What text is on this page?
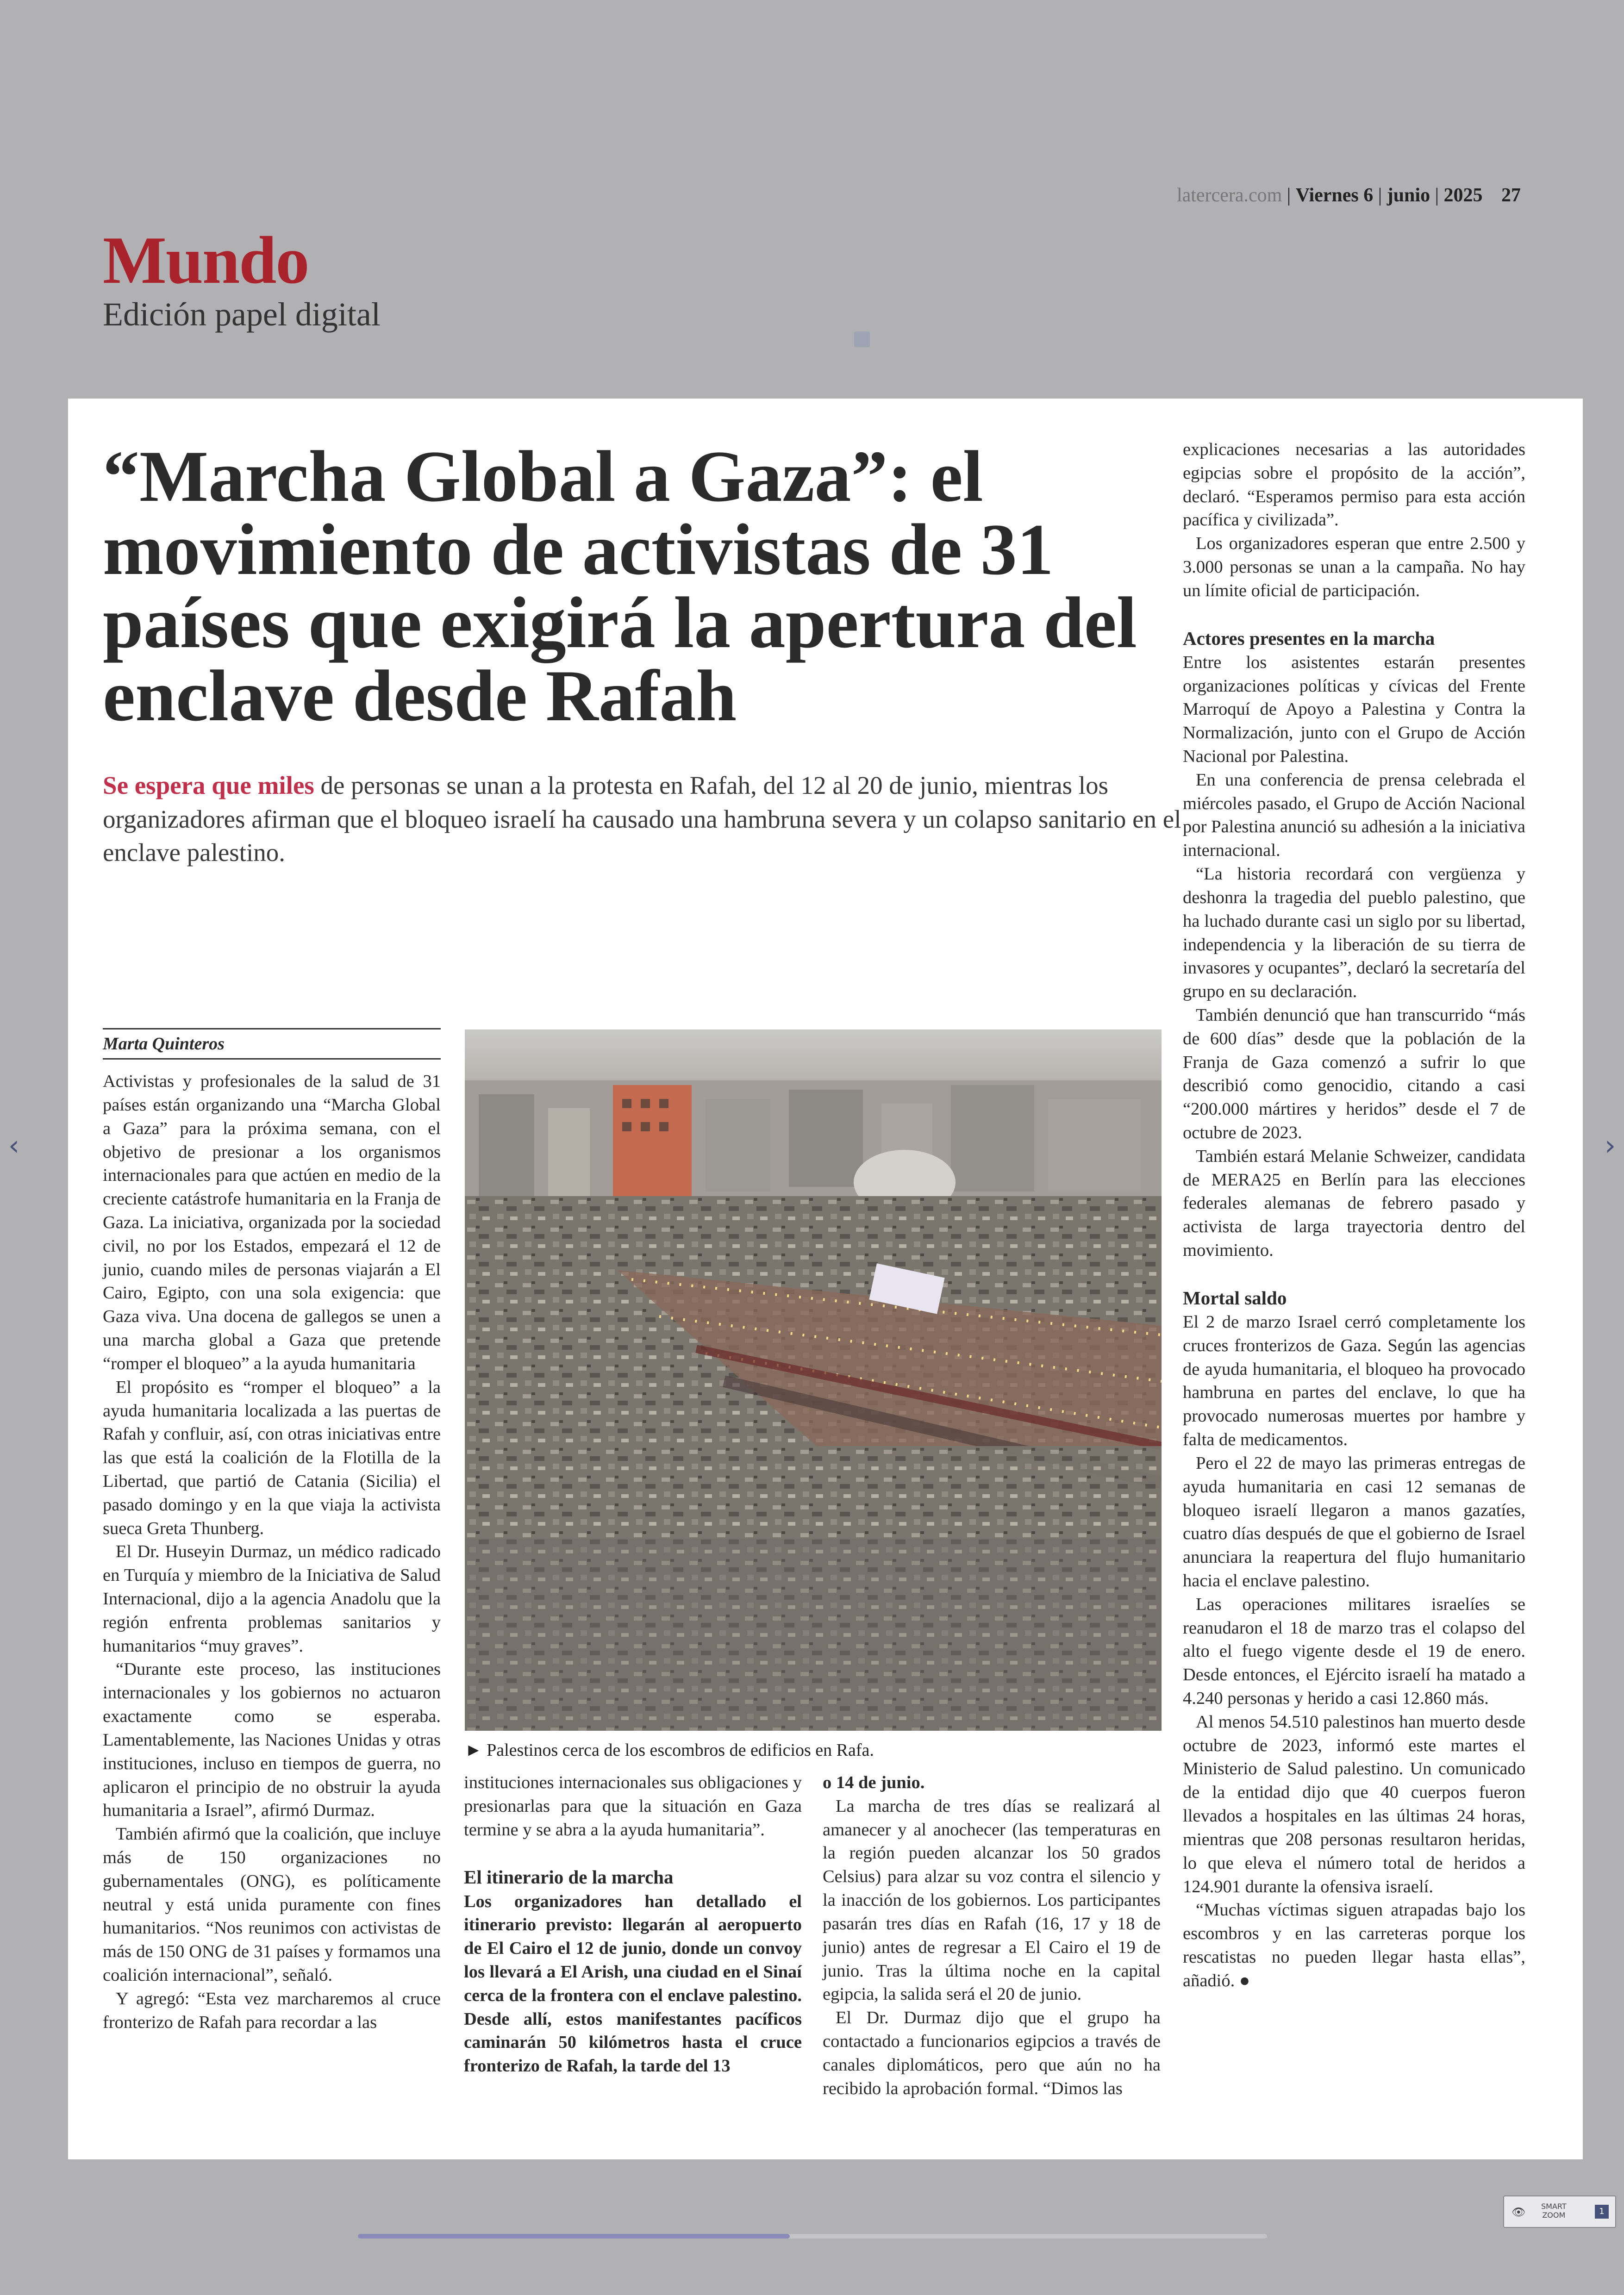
latercera.com | Viernes 6 | junio | 2025 27
Mundo
Edición papel digital
‹	›
“Marcha Global a Gaza”: el movimiento de activistas de 31 países que exigirá la apertura del enclave desde Rafah

Se espera que miles de personas se unan a la protesta en Rafah, del 12 al 20 de junio, mientras los organizadores afirman que el bloqueo israelí ha causado una hambruna severa y un colapso sanitario en el enclave palestino.

Marta Quinteros

Activistas y profesionales de la salud de 31 países están organizando una “Marcha Global a Gaza” para la próxima semana, con el objetivo de presionar a los organismos internacionales para que actúen en medio de la creciente catástrofe humanitaria en la Franja de Gaza. La iniciativa, organizada por la sociedad civil, no por los Estados, empezará el 12 de junio, cuando miles de personas viajarán a El Cairo, Egipto, con una sola exigencia: que Gaza viva. Una docena de gallegos se unen a una marcha global a Gaza que pretende “romper el bloqueo” a la ayuda humanitaria

El propósito es “romper el bloqueo” a la ayuda humanitaria localizada a las puertas de Rafah y confluir, así, con otras iniciativas entre las que está la coalición de la Flotilla de la Libertad, que partió de Catania (Sicilia) el pasado domingo y en la que viaja la activista sueca Greta Thunberg.

El Dr. Huseyin Durmaz, un médico radicado en Turquía y miembro de la Iniciativa de Salud Internacional, dijo a la agencia Anadolu que la región enfrenta problemas sanitarios y humanitarios “muy graves”.

“Durante este proceso, las instituciones internacionales y los gobiernos no actuaron exactamente como se esperaba. Lamentablemente, las Naciones Unidas y otras instituciones, incluso en tiempos de guerra, no aplicaron el principio de no obstruir la ayuda humanitaria a Israel”, afirmó Durmaz.

También afirmó que la coalición, que incluye más de 150 organizaciones no gubernamentales (ONG), es políticamente neutral y está unida puramente con fines humanitarios. “Nos reunimos con activistas de más de 150 ONG de 31 países y formamos una coalición internacional”, señaló.

Y agregó: “Esta vez marcharemos al cruce fronterizo de Rafah para recordar a las

► Palestinos cerca de los escombros de edificios en Rafa.

instituciones internacionales sus obligaciones y presionarlas para que la situación en Gaza termine y se abra a la ayuda humanitaria”.

El itinerario de la marcha

Los organizadores han detallado el itinerario previsto: llegarán al aeropuerto de El Cairo el 12 de junio, donde un convoy los llevará a El Arish, una ciudad en el Sinaí cerca de la frontera con el enclave palestino. Desde allí, estos manifestantes pacíficos caminarán 50 kilómetros hasta el cruce fronterizo de Rafah, la tarde del 13

o 14 de junio.

La marcha de tres días se realizará al amanecer y al anochecer (las temperaturas en la región pueden alcanzar los 50 grados Celsius) para alzar su voz contra el silencio y la inacción de los gobiernos. Los participantes pasarán tres días en Rafah (16, 17 y 18 de junio) antes de regresar a El Cairo el 19 de junio. Tras la última noche en la capital egipcia, la salida será el 20 de junio.

El Dr. Durmaz dijo que el grupo ha contactado a funcionarios egipcios a través de canales diplomáticos, pero que aún no ha recibido la aprobación formal. “Dimos las

explicaciones necesarias a las autoridades egipcias sobre el propósito de la acción”, declaró. “Esperamos permiso para esta acción pacífica y civilizada”.

Los organizadores esperan que entre 2.500 y 3.000 personas se unan a la campaña. No hay un límite oficial de participación.

Actores presentes en la marcha

Entre los asistentes estarán presentes organizaciones políticas y cívicas del Frente Marroquí de Apoyo a Palestina y Contra la Normalización, junto con el Grupo de Acción Nacional por Palestina.

En una conferencia de prensa celebrada el miércoles pasado, el Grupo de Acción Nacional por Palestina anunció su adhesión a la iniciativa internacional.

“La historia recordará con vergüenza y deshonra la tragedia del pueblo palestino, que ha luchado durante casi un siglo por su libertad, independencia y la liberación de su tierra de invasores y ocupantes”, declaró la secretaría del grupo en su declaración.

También denunció que han transcurrido “más de 600 días” desde que la población de la Franja de Gaza comenzó a sufrir lo que describió como genocidio, citando a casi “200.000 mártires y heridos” desde el 7 de octubre de 2023.

También estará Melanie Schweizer, candidata de MERA25 en Berlín para las elecciones federales alemanas de febrero pasado y activista de larga trayectoria dentro del movimiento.

Mortal saldo

El 2 de marzo Israel cerró completamente los cruces fronterizos de Gaza. Según las agencias de ayuda humanitaria, el bloqueo ha provocado hambruna en partes del enclave, lo que ha provocado numerosas muertes por hambre y falta de medicamentos.

Pero el 22 de mayo las primeras entregas de ayuda humanitaria en casi 12 semanas de bloqueo israelí llegaron a manos gazatíes, cuatro días después de que el gobierno de Israel anunciara la reapertura del flujo humanitario hacia el enclave palestino.

Las operaciones militares israelíes se reanudaron el 18 de marzo tras el colapso del alto el fuego vigente desde el 19 de enero. Desde entonces, el Ejército israelí ha matado a 4.240 personas y herido a casi 12.860 más.

Al menos 54.510 palestinos han muerto desde octubre de 2023, informó este martes el Ministerio de Salud palestino. Un comunicado de la entidad dijo que 40 cuerpos fueron llevados a hospitales en las últimas 24 horas, mientras que 208 personas resultaron heridas, lo que eleva el número total de heridos a 124.901 durante la ofensiva israelí.

“Muchas víctimas siguen atrapadas bajo los escombros y en las carreteras porque los rescatistas no pueden llegar hasta ellas”, añadió. ●

👁 SMART
ZOOM	1
